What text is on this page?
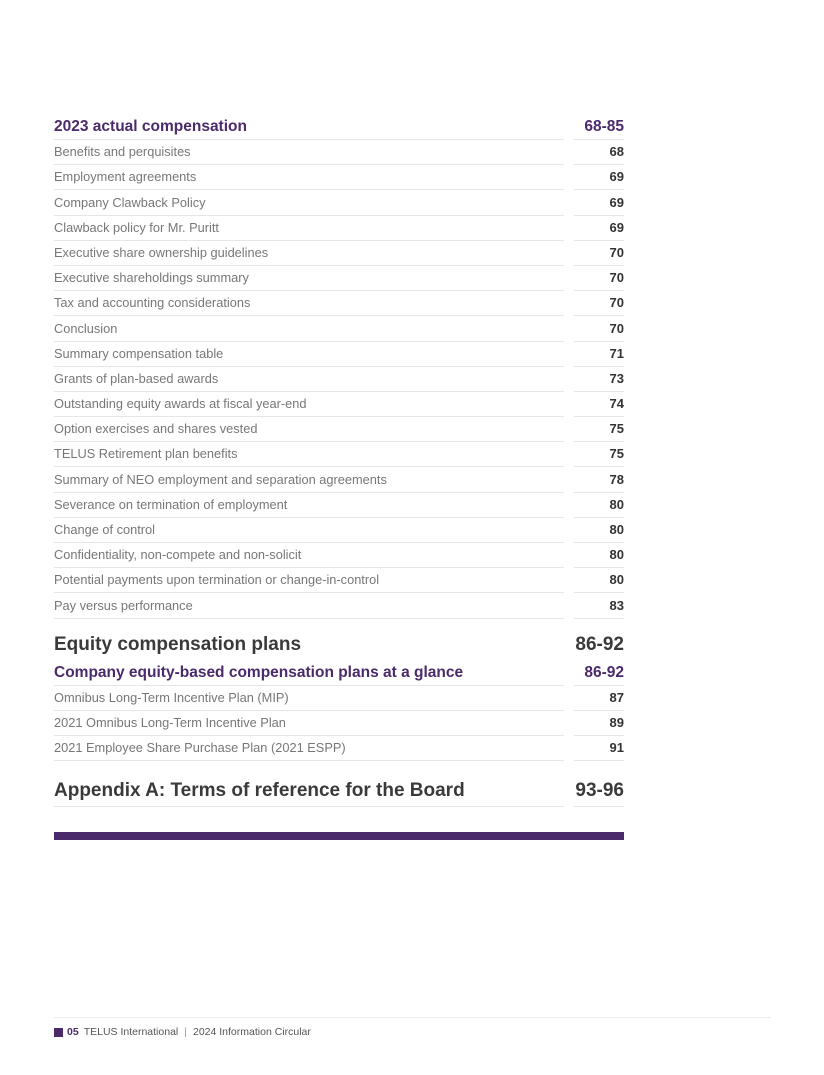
2023 actual compensation	68-85
Benefits and perquisites	68
Employment agreements	69
Company Clawback Policy	69
Clawback policy for Mr. Puritt	69
Executive share ownership guidelines	70
Executive shareholdings summary	70
Tax and accounting considerations	70
Conclusion	70
Summary compensation table	71
Grants of plan-based awards	73
Outstanding equity awards at fiscal year-end	74
Option exercises and shares vested	75
TELUS Retirement plan benefits	75
Summary of NEO employment and separation agreements	78
Severance on termination of employment	80
Change of control	80
Confidentiality, non-compete and non-solicit	80
Potential payments upon termination or change-in-control	80
Pay versus performance	83
Equity compensation plans	86-92
Company equity-based compensation plans at a glance	86-92
Omnibus Long-Term Incentive Plan (MIP)	87
2021 Omnibus Long-Term Incentive Plan	89
2021 Employee Share Purchase Plan (2021 ESPP)	91
Appendix A: Terms of reference for the Board	93-96
05 TELUS International | 2024 Information Circular
